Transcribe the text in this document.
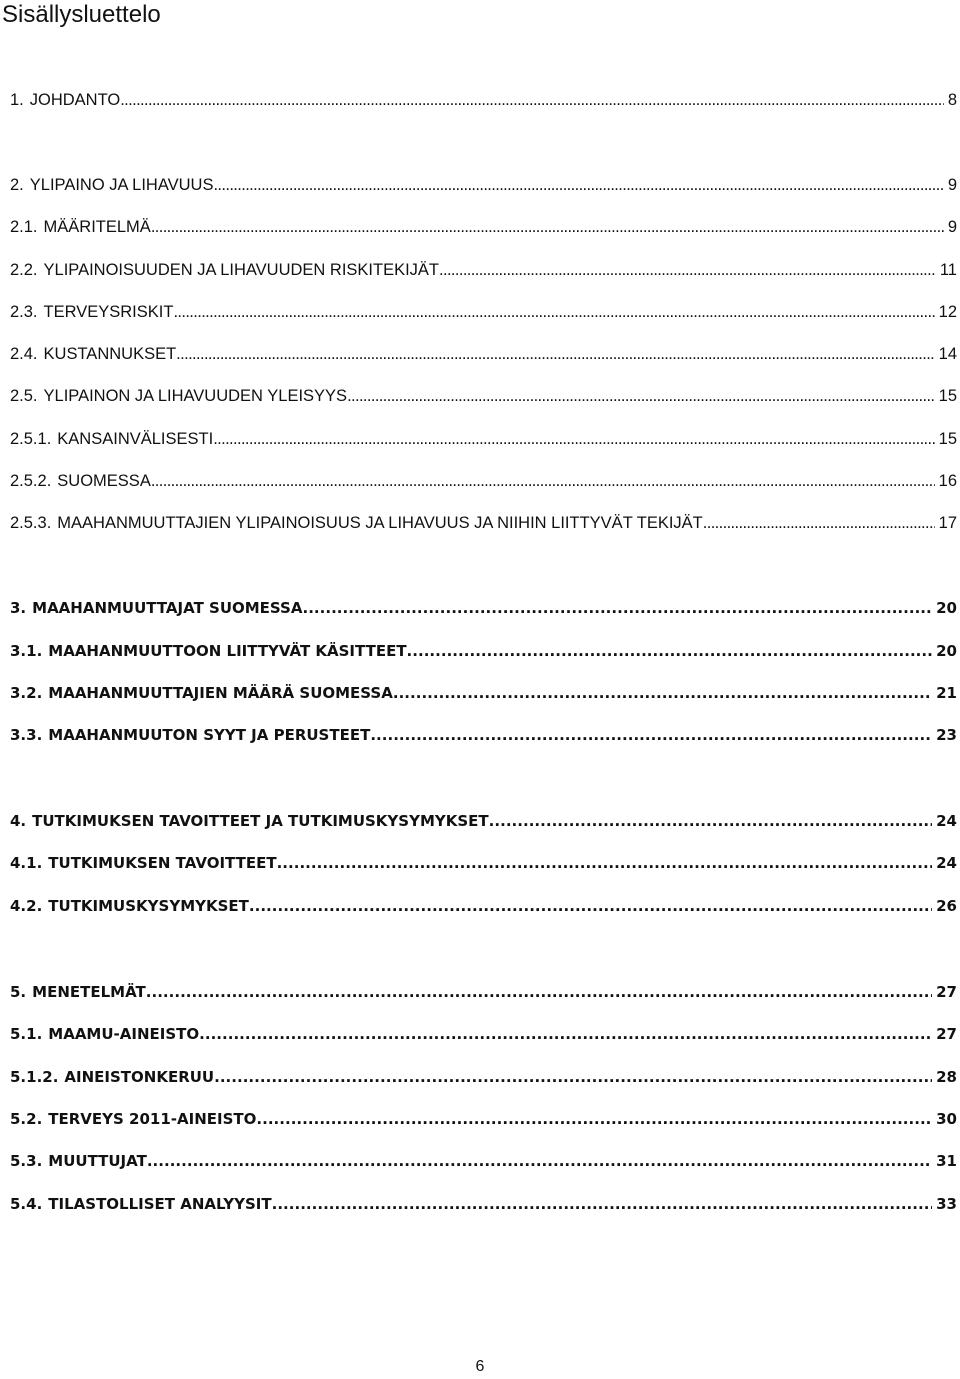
Sisällysluettelo
1. JOHDANTO . . .	8
2. YLIPAINO JA LIHAVUUS . . .	9
2.1. MÄÄRITELMÄ . . .	9
2.2. YLIPAINOISUUDEN JA LIHAVUUDEN RISKITEKIJÄT . . .	11
2.3. TERVEYSRISKIT . . .	12
2.4. KUSTANNUKSET . . .	14
2.5. YLIPAINON JA LIHAVUUDEN YLEISYYS . . .	15
2.5.1. KANSAINVÄLISESTI . . .	15
2.5.2. SUOMESSA . . .	16
2.5.3. MAAHANMUUTTAJIEN YLIPAINOISUUS JA LIHAVUUS JA NIIHIN LIITTYVÄT TEKIJÄT . . .	17
3. MAAHANMUUTTAJAT SUOMESSA . . .	20
3.1. MAAHANMUUTTOON LIITTYVÄT KÄSITTEET . . .	20
3.2. MAAHANMUUTTAJIEN MÄÄRÄ SUOMESSA . . .	21
3.3. MAAHANMUUTON SYYT JA PERUSTEET . . .	23
4. TUTKIMUKSEN TAVOITTEET JA TUTKIMUSKYSYMYKSET . . .	24
4.1. TUTKIMUKSEN TAVOITTEET . . .	24
4.2. TUTKIMUSKYSYMYKSET . . .	26
5. MENETELMÄT . . .	27
5.1. MAAMU-AINEISTO . . .	27
5.1.2. AINEISTONKERUU . . .	28
5.2. TERVEYS 2011-AINEISTO . . .	30
5.3. MUUTTUJAT . . .	31
5.4. TILASTOLLISET ANALYYSIT . . .	33
6
